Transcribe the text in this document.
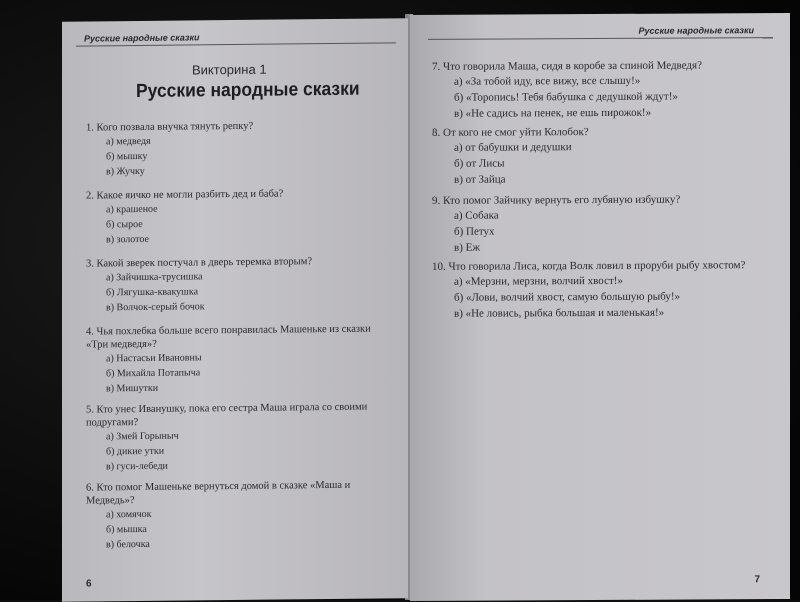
Русские народные сказки
Викторина 1
Русские народные сказки

1. Кого позвала внучка тянуть репку?

а) медведя

б) мышку

в) Жучку

2. Какое яичко не могли разбить дед и баба?

а) крашеное

б) сырое

в) золотое

3. Какой зверек постучал в дверь теремка вторым?

а) Зайчишка-трусишка

б) Лягушка-квакушка

в) Волчок-серый бочок

4. Чья похлебка больше всего понравилась Машеньке из сказки «Три медведя»?

а) Настасьи Ивановны

б) Михайла Потапыча

в) Мишутки

5. Кто унес Иванушку, пока его сестра Маша играла со своими подругами?

а) Змей Горыныч

б) дикие утки

в) гуси-лебеди

6. Кто помог Машеньке вернуться домой в сказке «Маша и Медведь»?

а) хомячок

б) мышка

в) белочка

6
Русские народные сказки

7. Что говорила Маша, сидя в коробе за спиной Медведя?

а) «За тобой иду, все вижу, все слышу!»

б) «Торопись! Тебя бабушка с дедушкой ждут!»

в) «Не садись на пенек, не ешь пирожок!»

8. От кого не смог уйти Колобок?

а) от бабушки и дедушки

б) от Лисы

в) от Зайца

9. Кто помог Зайчику вернуть его лубяную избушку?

а) Собака

б) Петух

в) Еж

10. Что говорила Лиса, когда Волк ловил в проруби рыбу хвостом?

а) «Мерзни, мерзни, волчий хвост!»

б) «Лови, волчий хвост, самую большую рыбу!»

в) «Не ловись, рыбка большая и маленькая!»

7
